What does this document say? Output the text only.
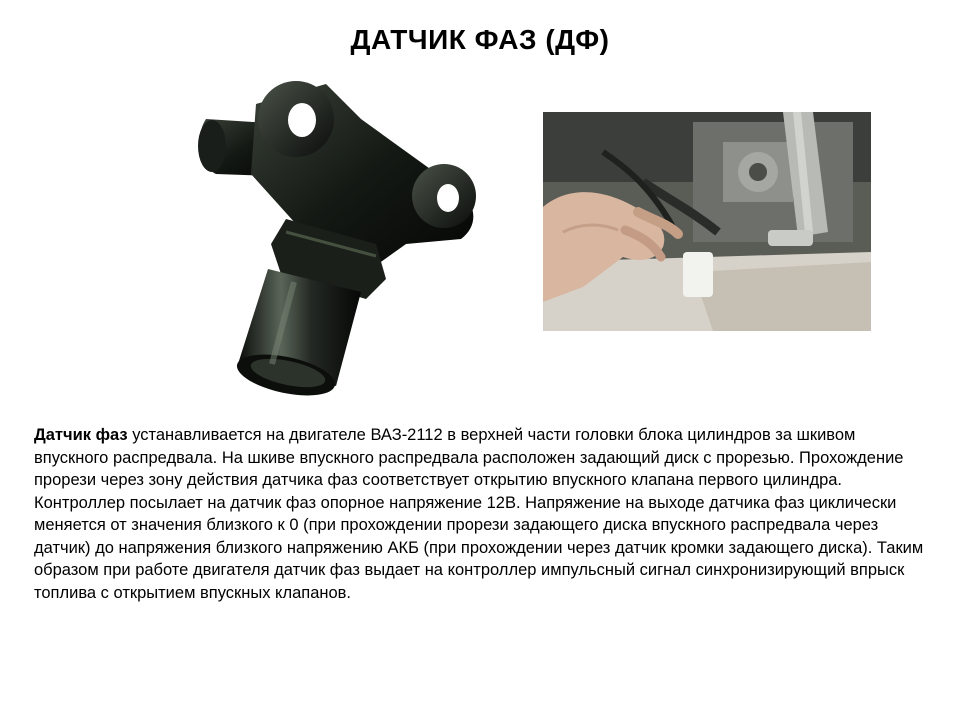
ДАТЧИК ФАЗ (ДФ)

Датчик фаз устанавливается на двигателе ВАЗ-2112 в верхней части головки блока цилиндров за шкивом впускного распредвала. На шкиве впускного распредвала расположен задающий диск с прорезью. Прохождение прорези через зону действия датчика фаз соответствует открытию впускного клапана первого цилиндра.

Контроллер посылает на датчик фаз опорное напряжение 12В. Напряжение на выходе датчика фаз циклически меняется от значения близкого к 0 (при прохождении прорези задающего диска впускного распредвала через датчик) до напряжения близкого напряжению АКБ (при прохождении через датчик кромки задающего диска). Таким образом при работе двигателя датчик фаз выдает на контроллер импульсный сигнал синхронизирующий впрыск топлива с открытием впускных клапанов.
